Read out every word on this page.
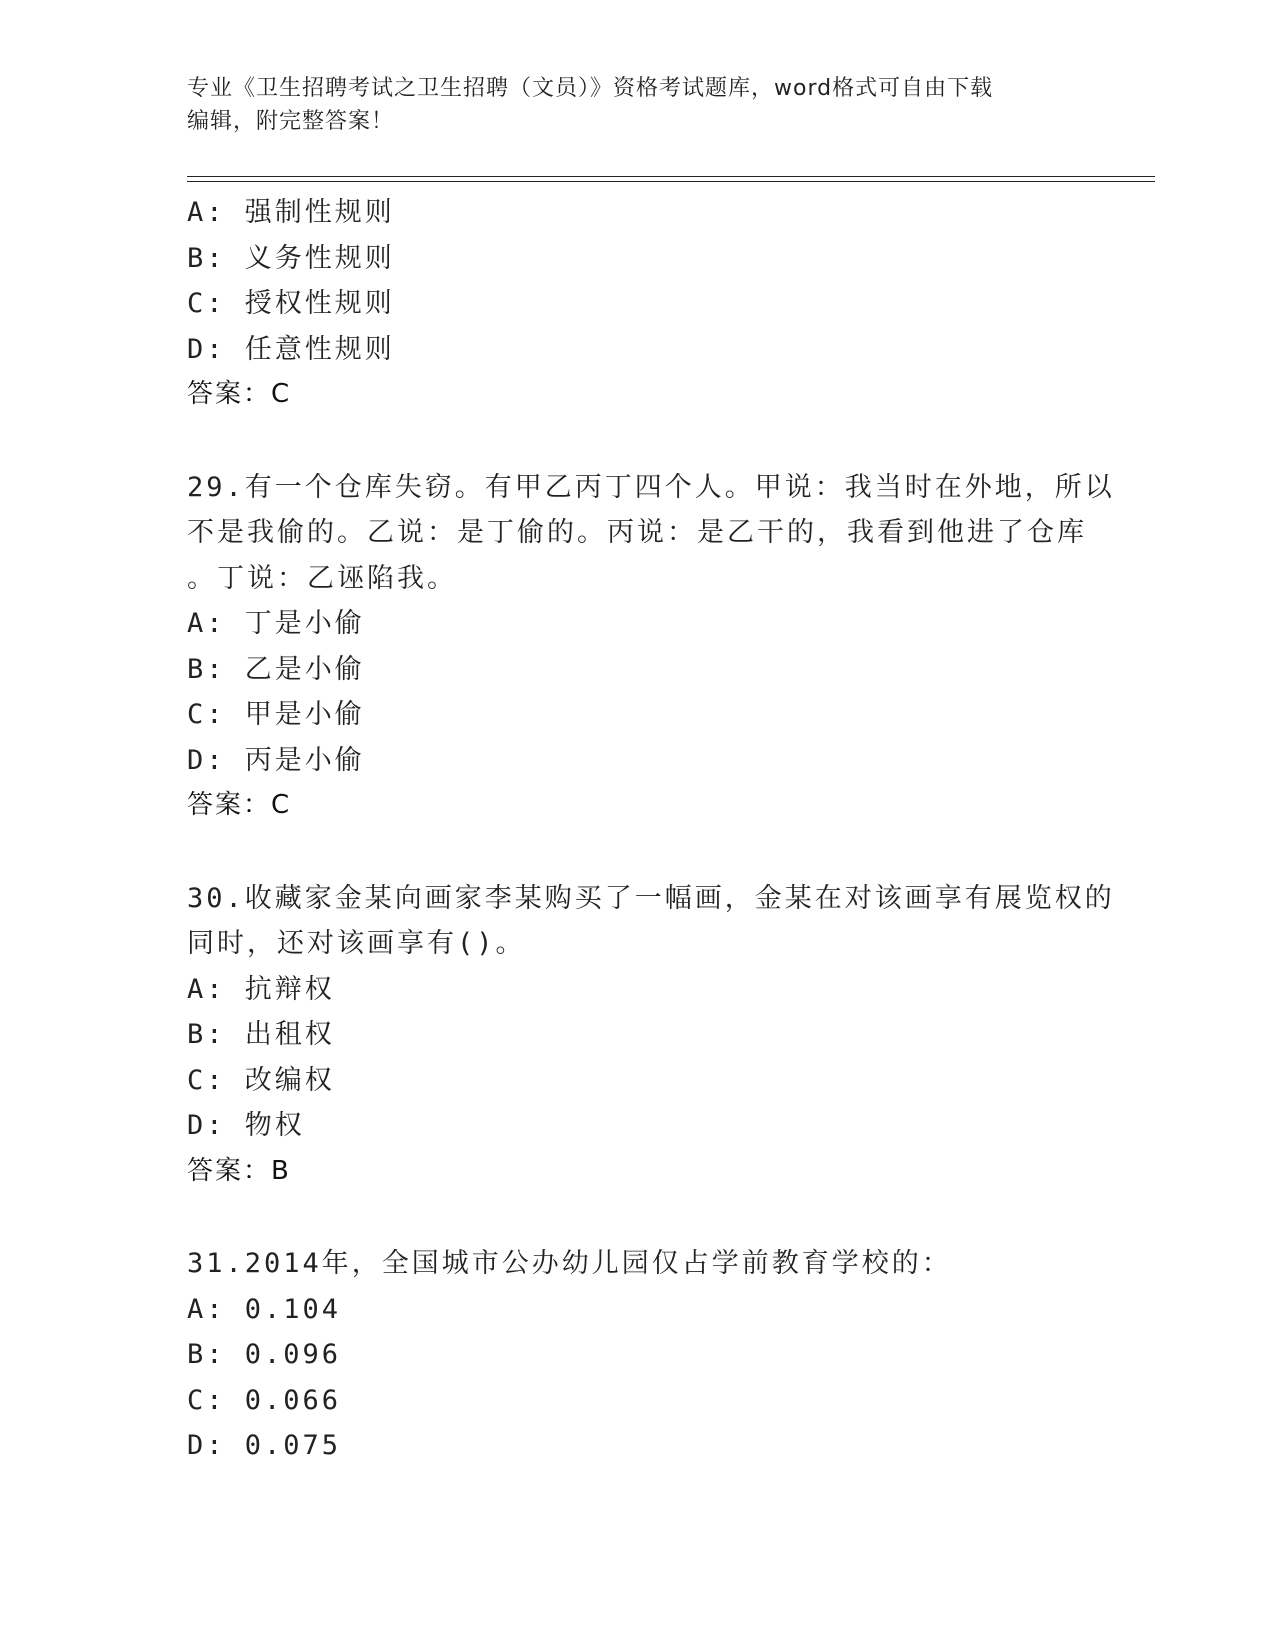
专业《卫生招聘考试之卫生招聘（文员）》资格考试题库，word格式可自由下载
编辑，附完整答案！
A: 强制性规则
B: 义务性规则
C: 授权性规则
D: 任意性规则
答案：C
29.有一个仓库失窃。有甲乙丙丁四个人。甲说：我当时在外地，所以
不是我偷的。乙说：是丁偷的。丙说：是乙干的，我看到他进了仓库
。丁说：乙诬陷我。
A: 丁是小偷
B: 乙是小偷
C: 甲是小偷
D: 丙是小偷
答案：C
30.收藏家金某向画家李某购买了一幅画，金某在对该画享有展览权的
同时，还对该画享有()。
A: 抗辩权
B: 出租权
C: 改编权
D: 物权
答案：B
31.2014年，全国城市公办幼儿园仅占学前教育学校的：
A: 0.104
B: 0.096
C: 0.066
D: 0.075
